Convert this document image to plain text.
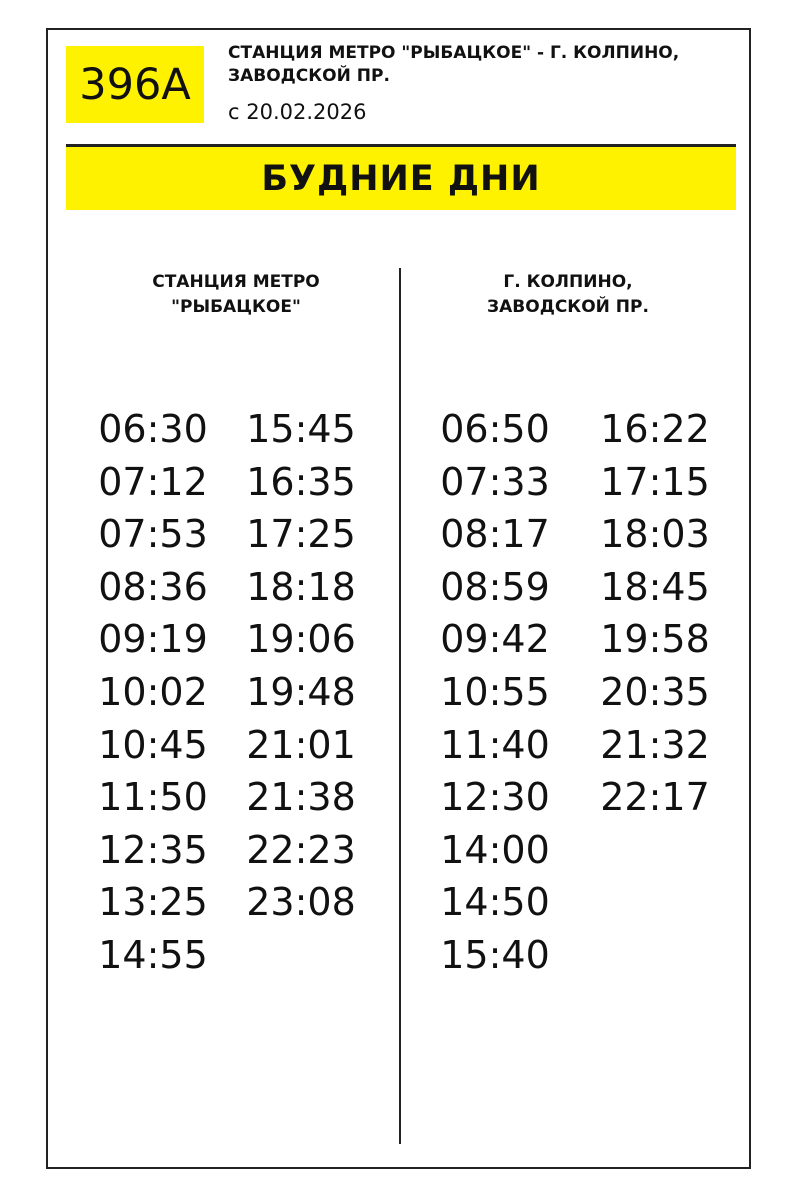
396А
СТАНЦИЯ МЕТРО "РЫБАЦКОЕ" - Г. КОЛПИНО,
ЗАВОДСКОЙ ПР.
с 20.02.2026
БУДНИЕ ДНИ
СТАНЦИЯ МЕТРО
"РЫБАЦКОЕ"
Г. КОЛПИНО,
ЗАВОДСКОЙ ПР.
06:30
07:12
07:53
08:36
09:19
10:02
10:45
11:50
12:35
13:25
14:55
15:45
16:35
17:25
18:18
19:06
19:48
21:01
21:38
22:23
23:08
06:50
07:33
08:17
08:59
09:42
10:55
11:40
12:30
14:00
14:50
15:40
16:22
17:15
18:03
18:45
19:58
20:35
21:32
22:17
